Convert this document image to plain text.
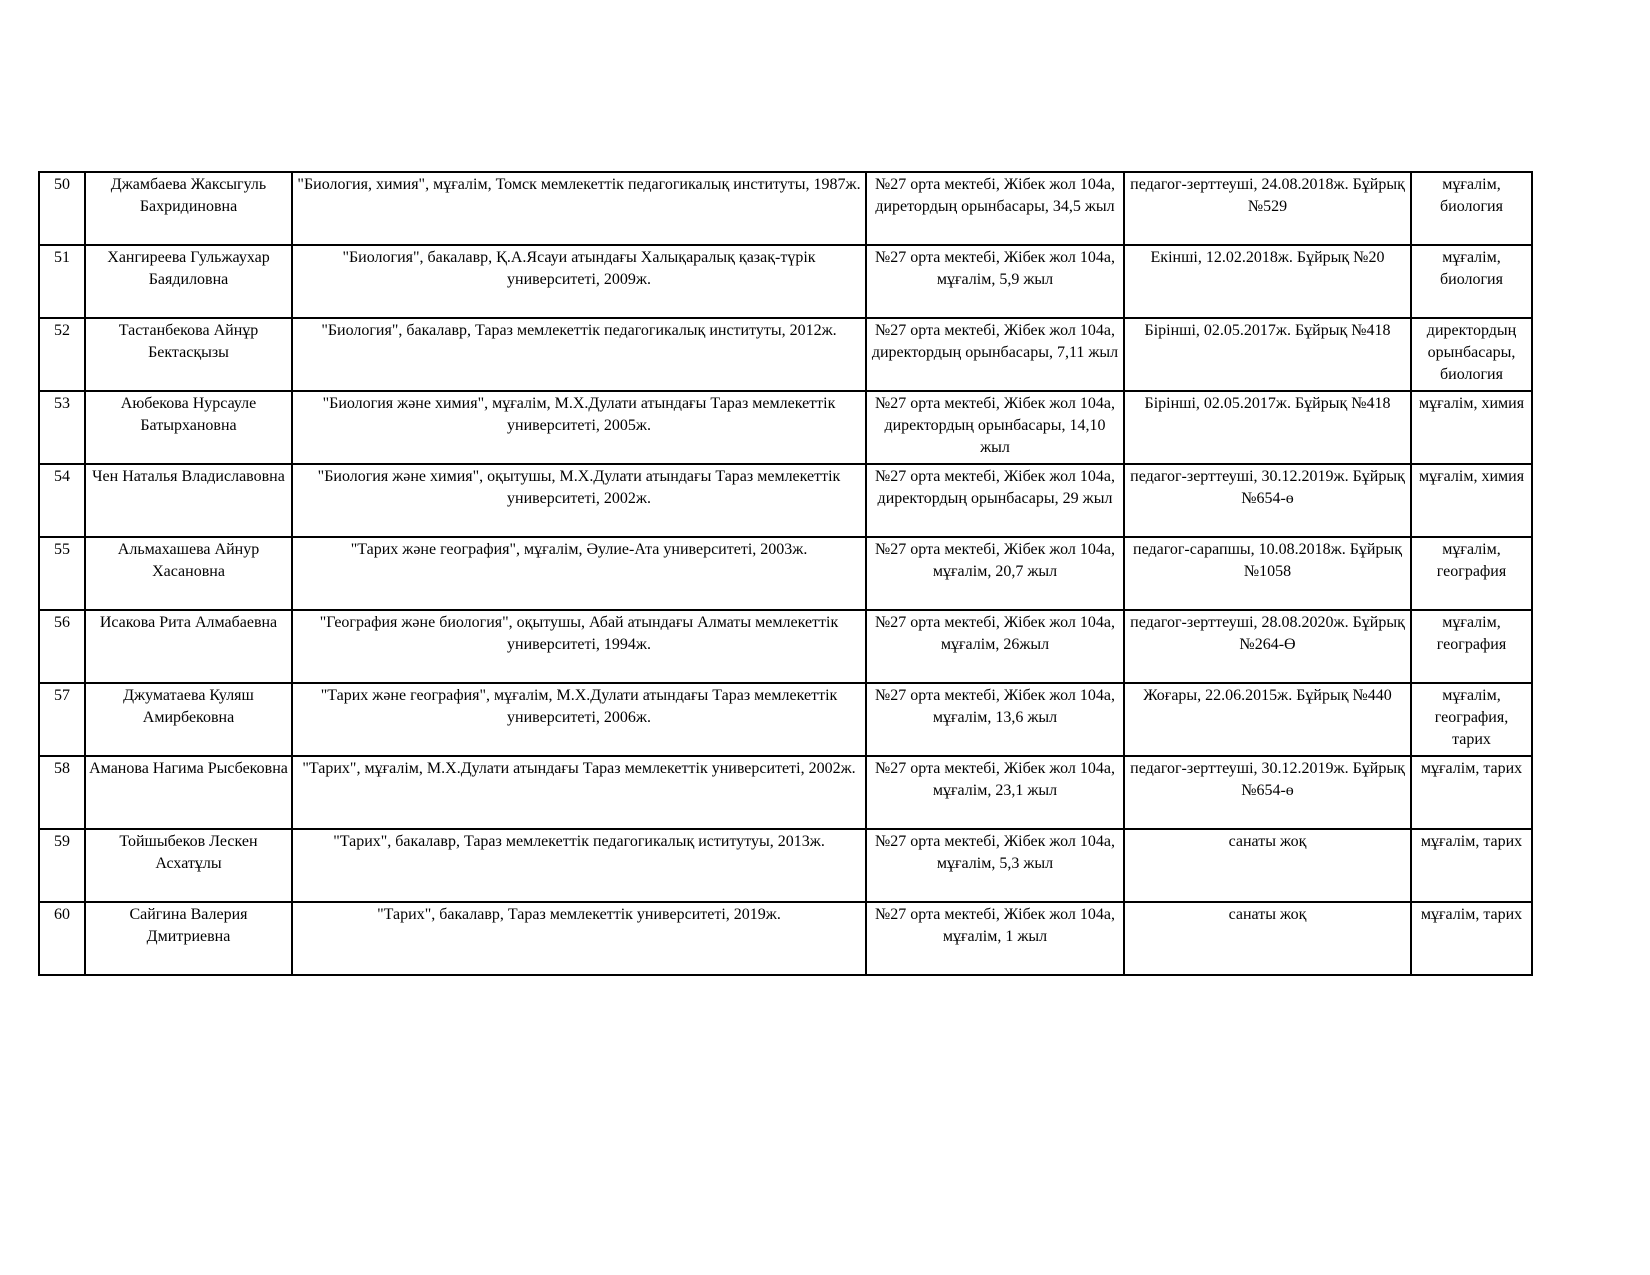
50	Джамбаева Жаксыгуль Бахридиновна	"Биология, химия", мұғалім, Томск мемлекеттік педагогикалық институты, 1987ж.	№27 орта мектебі, Жібек жол 104а, диретордың орынбасары, 34,5 жыл	педагог-зерттеуші, 24.08.2018ж. Бұйрық №529	мұғалім, биология
51	Хангиреева Гульжаухар Баядиловна	"Биология", бакалавр, Қ.А.Ясауи атындағы Халықаралық қазақ-түрік университеті, 2009ж.	№27 орта мектебі, Жібек жол 104а, мұғалім, 5,9 жыл	Екінші, 12.02.2018ж. Бұйрық №20	мұғалім, биология
52	Тастанбекова Айнұр Бектасқызы	"Биология", бакалавр, Тараз мемлекеттік педагогикалық институты, 2012ж.	№27 орта мектебі, Жібек жол 104а, директордың орынбасары, 7,11 жыл	Бірінші, 02.05.2017ж. Бұйрық №418	директордың орынбасары, биология
53	Аюбекова Нурсауле Батырхановна	"Биология және химия", мұғалім, М.Х.Дулати атындағы Тараз мемлекеттік университеті, 2005ж.	№27 орта мектебі, Жібек жол 104а, директордың орынбасары, 14,10 жыл	Бірінші, 02.05.2017ж. Бұйрық №418	мұғалім, химия
54	Чен Наталья Владиславовна	"Биология және химия", оқытушы, М.Х.Дулати атындағы Тараз мемлекеттік университеті, 2002ж.	№27 орта мектебі, Жібек жол 104а, директордың орынбасары, 29 жыл	педагог-зерттеуші, 30.12.2019ж. Бұйрық №654-ө	мұғалім, химия
55	Альмахашева Айнур Хасановна	"Тарих және география", мұғалім, Әулие-Ата университеті, 2003ж.	№27 орта мектебі, Жібек жол 104а, мұғалім, 20,7 жыл	педагог-сарапшы, 10.08.2018ж. Бұйрық №1058	мұғалім, география
56	Исакова Рита Алмабаевна	"География және биология", оқытушы, Абай атындағы Алматы мемлекеттік университеті, 1994ж.	№27 орта мектебі, Жібек жол 104а, мұғалім, 26жыл	педагог-зерттеуші, 28.08.2020ж. Бұйрық №264-Ө	мұғалім, география
57	Джуматаева Куляш Амирбековна	"Тарих және география", мұғалім, М.Х.Дулати атындағы Тараз мемлекеттік университеті, 2006ж.	№27 орта мектебі, Жібек жол 104а, мұғалім, 13,6 жыл	Жоғары, 22.06.2015ж. Бұйрық №440	мұғалім, география, тарих
58	Аманова Нагима Рысбековна	"Тарих", мұғалім, М.Х.Дулати атындағы Тараз мемлекеттік университеті, 2002ж.	№27 орта мектебі, Жібек жол 104а, мұғалім, 23,1 жыл	педагог-зерттеуші, 30.12.2019ж. Бұйрық №654-ө	мұғалім, тарих
59	Тойшыбеков Лескен Асхатұлы	"Тарих", бакалавр, Тараз мемлекеттік педагогикалық иститутуы, 2013ж.	№27 орта мектебі, Жібек жол 104а, мұғалім, 5,3 жыл	санаты жоқ	мұғалім, тарих
60	Сайгина Валерия Дмитриевна	"Тарих", бакалавр, Тараз мемлекеттік университеті, 2019ж.	№27 орта мектебі, Жібек жол 104а, мұғалім, 1 жыл	санаты жоқ	мұғалім, тарих
